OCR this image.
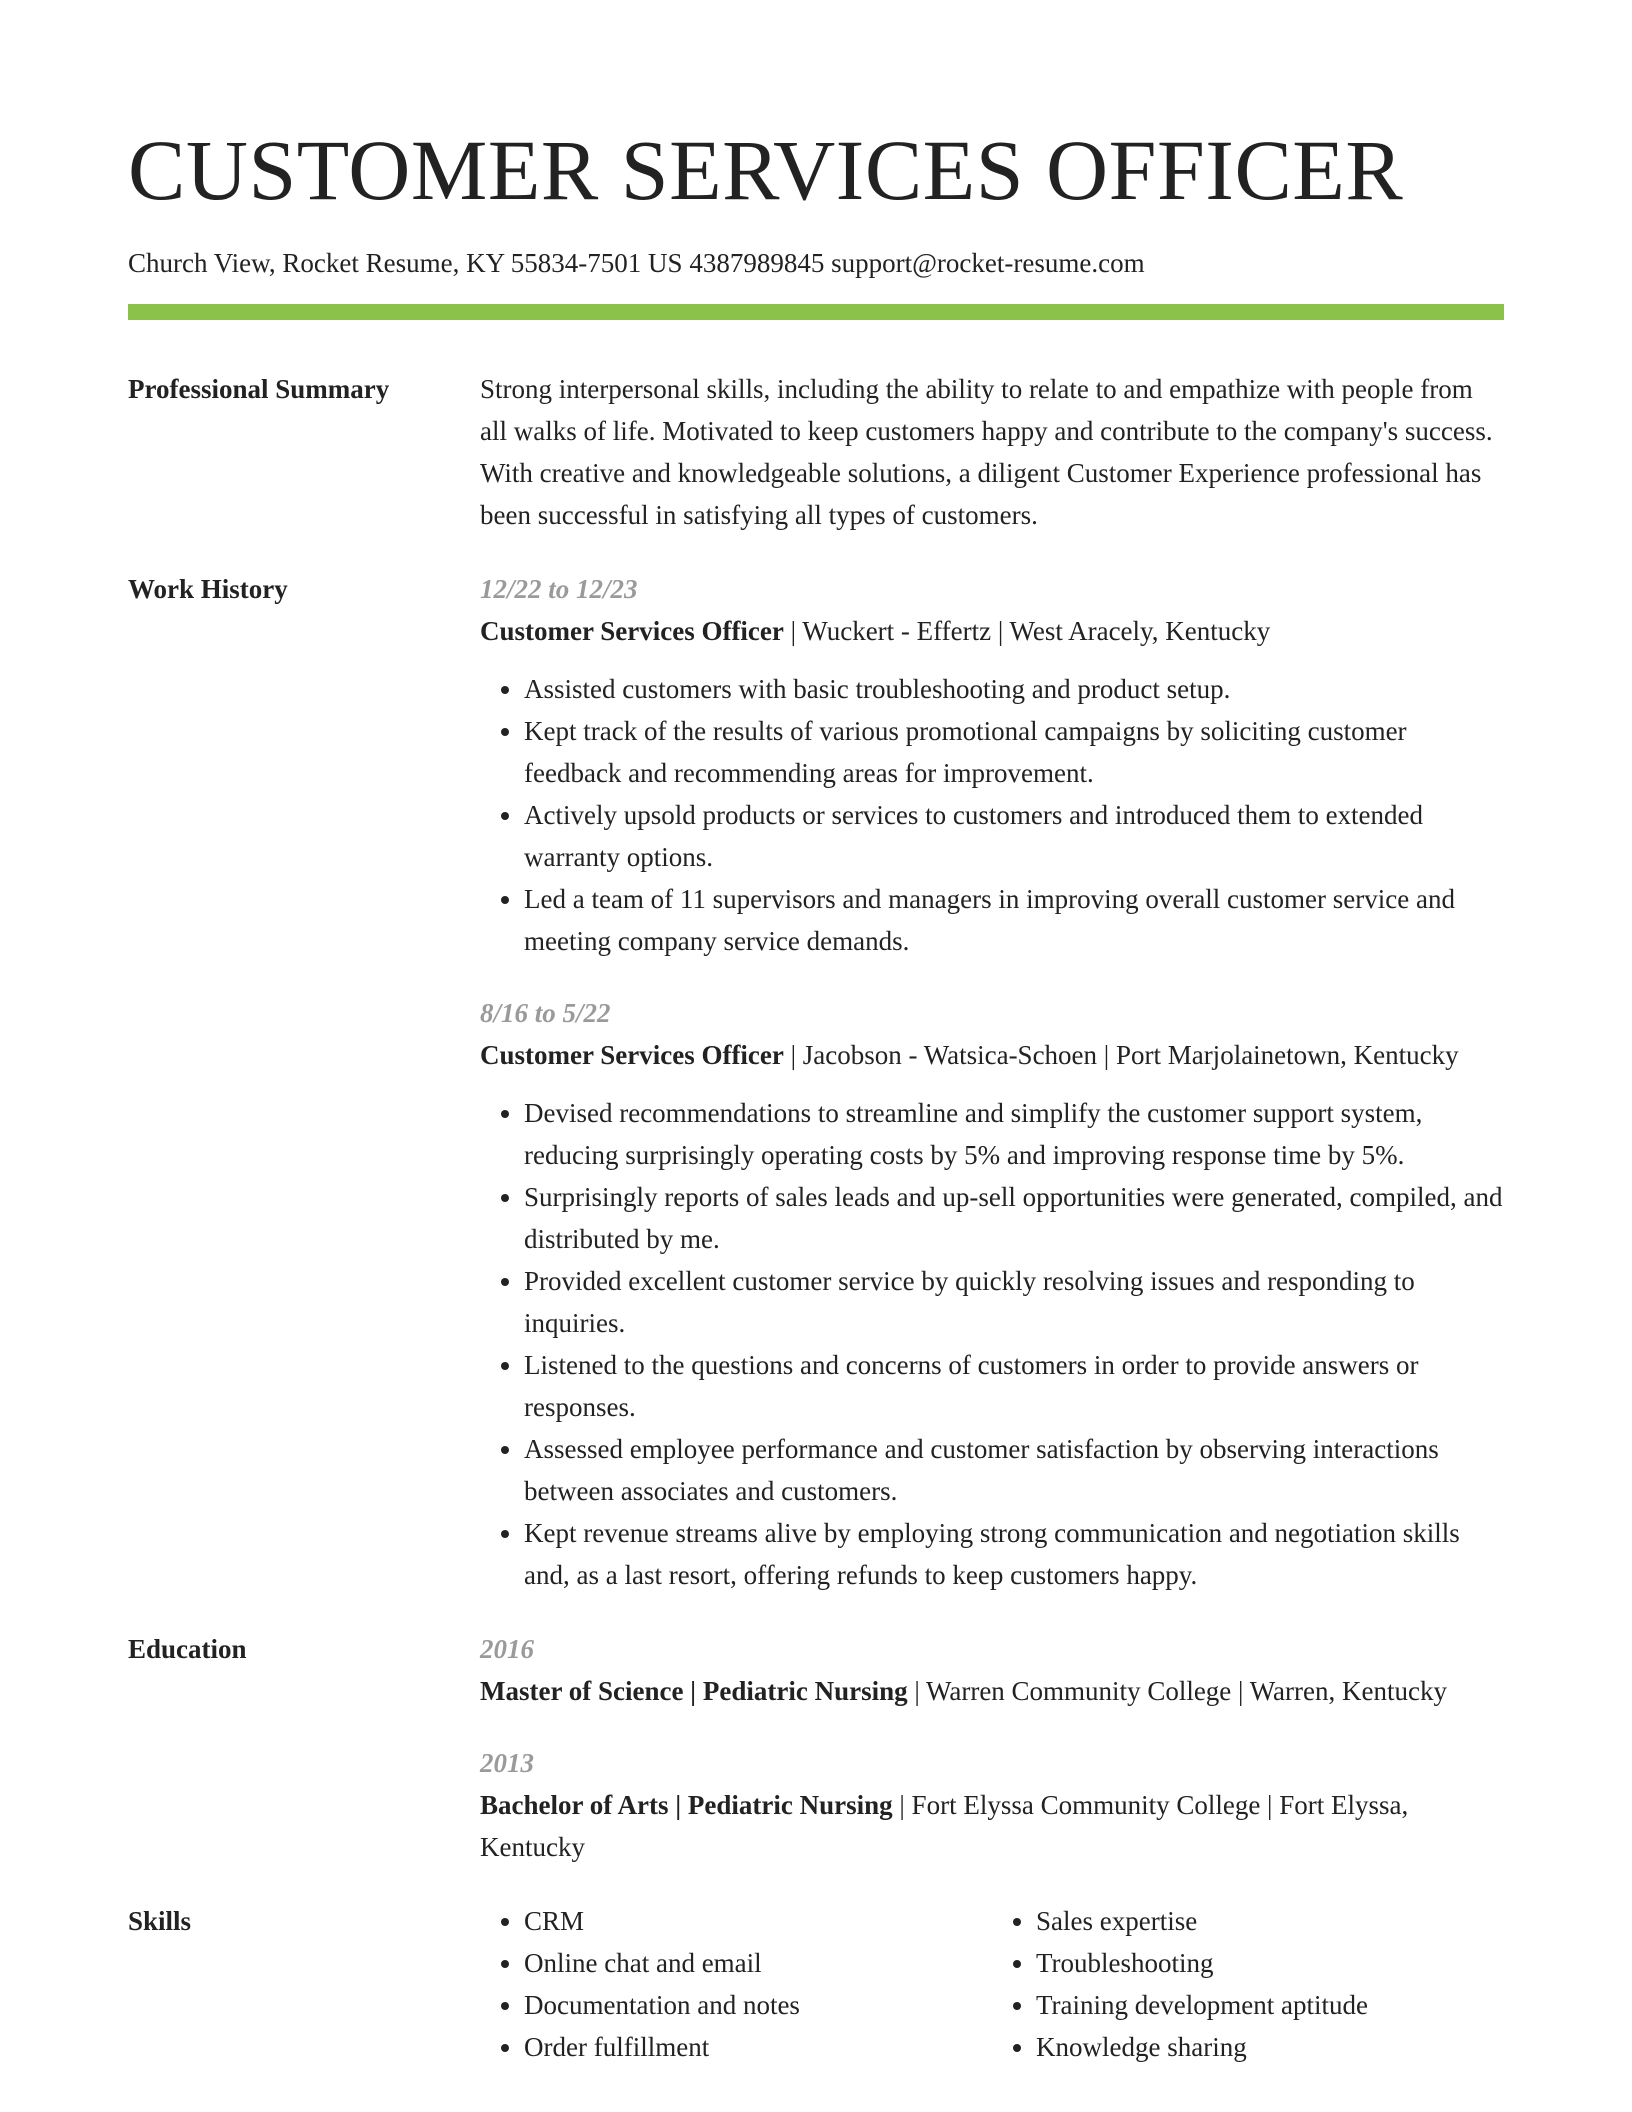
CUSTOMER SERVICES OFFICER
Church View, Rocket Resume, KY 55834-7501 US 4387989845 support@rocket-resume.com
Professional Summary	Strong interpersonal skills, including the ability to relate to and empathize with people from all walks of life. Motivated to keep customers happy and contribute to the company's success. With creative and knowledgeable solutions, a diligent Customer Experience professional has been successful in satisfying all types of customers.

Work History	12/22 to 12/23
Customer Services Officer | Wuckert - Effertz | West Aracely, Kentucky
• Assisted customers with basic troubleshooting and product setup.
• Kept track of the results of various promotional campaigns by soliciting customer feedback and recommending areas for improvement.
• Actively upsold products or services to customers and introduced them to extended warranty options.
• Led a team of 11 supervisors and managers in improving overall customer service and meeting company service demands.
8/16 to 5/22
Customer Services Officer | Jacobson - Watsica-Schoen | Port Marjolainetown, Kentucky
• Devised recommendations to streamline and simplify the customer support system, reducing surprisingly operating costs by 5% and improving response time by 5%.
• Surprisingly reports of sales leads and up-sell opportunities were generated, compiled, and distributed by me.
• Provided excellent customer service by quickly resolving issues and responding to inquiries.
• Listened to the questions and concerns of customers in order to provide answers or responses.
• Assessed employee performance and customer satisfaction by observing interactions between associates and customers.
• Kept revenue streams alive by employing strong communication and negotiation skills and, as a last resort, offering refunds to keep customers happy.
Education	2016
Master of Science | Pediatric Nursing | Warren Community College | Warren, Kentucky
2013
Bachelor of Arts | Pediatric Nursing | Fort Elyssa Community College | Fort Elyssa, Kentucky
Skills
•	CRM
• Online chat and email
• Documentation and notes
• Order fulfillment
• Sales expertise
• Troubleshooting
• Training development aptitude
• Knowledge sharing
